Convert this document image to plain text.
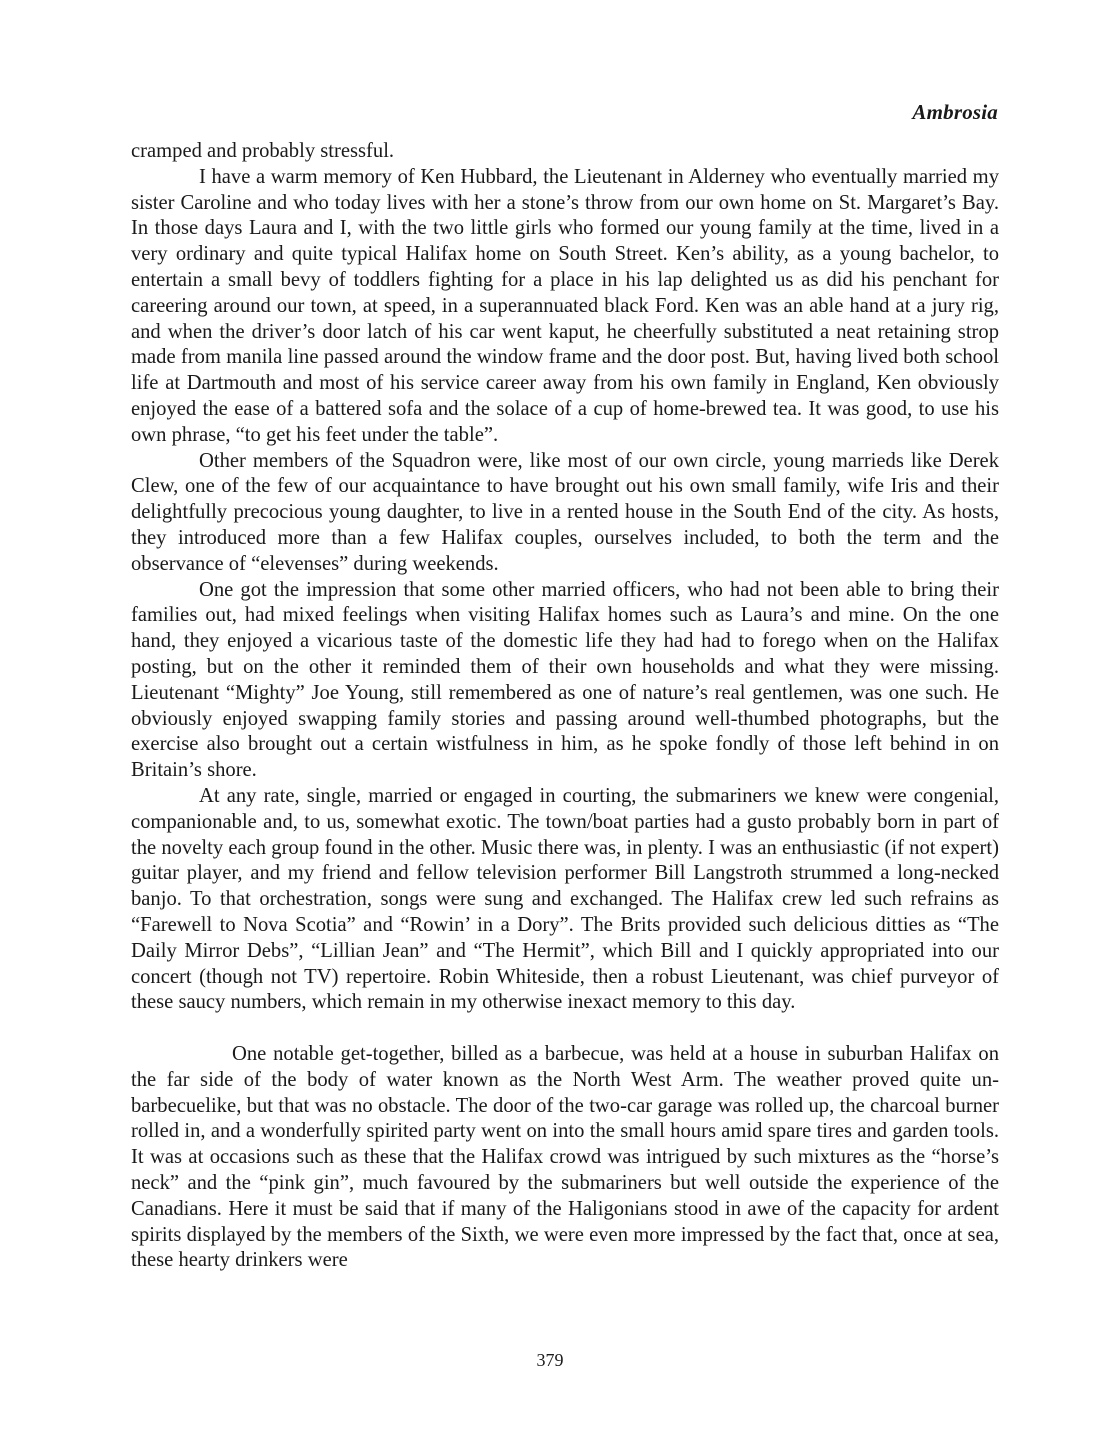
Ambrosia

cramped and probably stressful.

I have a warm memory of Ken Hubbard, the Lieutenant in Alderney who eventually married my sister Caroline and who today lives with her a stone’s throw from our own home on St. Margaret’s Bay. In those days Laura and I, with the two little girls who formed our young family at the time, lived in a very ordinary and quite typical Halifax home on South Street. Ken’s ability, as a young bachelor, to entertain a small bevy of toddlers fighting for a place in his lap delighted us as did his penchant for careering around our town, at speed, in a superannuated black Ford. Ken was an able hand at a jury rig, and when the driver’s door latch of his car went kaput, he cheerfully substituted a neat retaining strop made from manila line passed around the window frame and the door post. But, having lived both school life at Dartmouth and most of his service career away from his own family in England, Ken obviously enjoyed the ease of a battered sofa and the solace of a cup of home-brewed tea. It was good, to use his own phrase, “to get his feet under the table”.

Other members of the Squadron were, like most of our own circle, young marrieds like Derek Clew, one of the few of our acquaintance to have brought out his own small family, wife Iris and their delightfully precocious young daughter, to live in a rented house in the South End of the city. As hosts, they introduced more than a few Halifax couples, ourselves included, to both the term and the observance of “elevenses” during weekends.

One got the impression that some other married officers, who had not been able to bring their families out, had mixed feelings when visiting Halifax homes such as Laura’s and mine. On the one hand, they enjoyed a vicarious taste of the domestic life they had had to forego when on the Halifax posting, but on the other it reminded them of their own households and what they were missing. Lieutenant “Mighty” Joe Young, still remembered as one of nature’s real gentlemen, was one such. He obviously enjoyed swapping family stories and passing around well-thumbed photographs, but the exercise also brought out a certain wistfulness in him, as he spoke fondly of those left behind in on Britain’s shore.

At any rate, single, married or engaged in courting, the submariners we knew were congenial, companionable and, to us, somewhat exotic. The town/boat parties had a gusto probably born in part of the novelty each group found in the other. Music there was, in plenty. I was an enthusiastic (if not expert) guitar player, and my friend and fellow television performer Bill Langstroth strummed a long-necked banjo. To that orchestration, songs were sung and exchanged. The Halifax crew led such refrains as “Farewell to Nova Scotia” and “Rowin’ in a Dory”. The Brits provided such delicious ditties as “The Daily Mirror Debs”, “Lillian Jean” and “The Hermit”, which Bill and I quickly appropriated into our concert (though not TV) repertoire. Robin Whiteside, then a robust Lieutenant, was chief purveyor of these saucy numbers, which remain in my otherwise inexact memory to this day.

One notable get-together, billed as a barbecue, was held at a house in suburban Halifax on the far side of the body of water known as the North West Arm. The weather proved quite un-barbecuelike, but that was no obstacle. The door of the two-car garage was rolled up, the charcoal burner rolled in, and a wonderfully spirited party went on into the small hours amid spare tires and garden tools. It was at occasions such as these that the Halifax crowd was intrigued by such mixtures as the “horse’s neck” and the “pink gin”, much favoured by the submariners but well outside the experience of the Canadians. Here it must be said that if many of the Haligonians stood in awe of the capacity for ardent spirits displayed by the members of the Sixth, we were even more impressed by the fact that, once at sea, these hearty drinkers were

379
